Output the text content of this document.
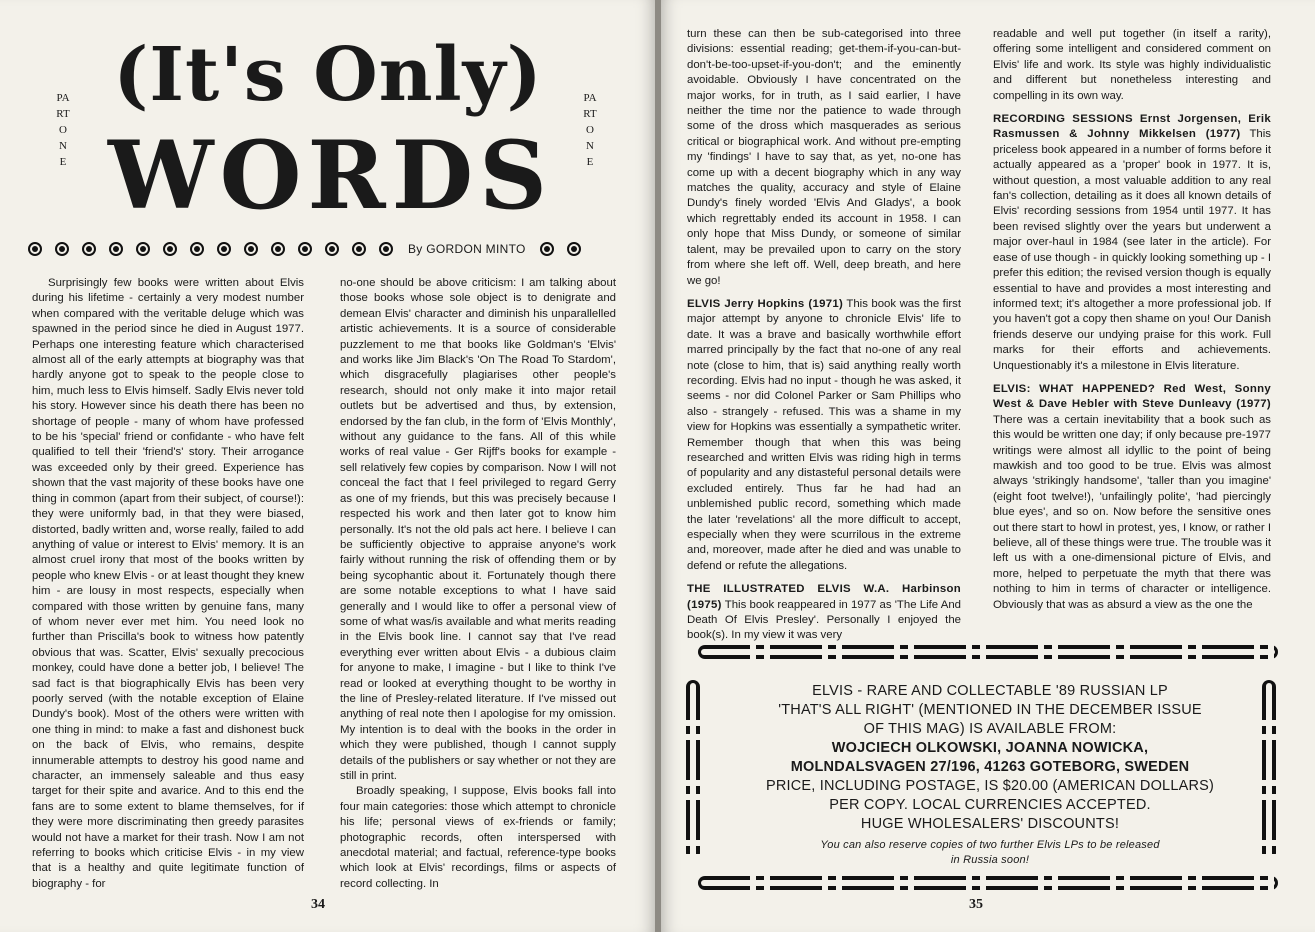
PART ONE
PART ONE
(It's Only)
WORDS
By GORDON MINTO

Surprisingly few books were written about Elvis during his lifetime - certainly a very modest number when compared with the veritable deluge which was spawned in the period since he died in August 1977. Perhaps one interesting feature which characterised almost all of the early attempts at biography was that hardly anyone got to speak to the people close to him, much less to Elvis himself. Sadly Elvis never told his story. However since his death there has been no shortage of people - many of whom have professed to be his 'special' friend or confidante - who have felt qualified to tell their 'friend's' story. Their arrogance was exceeded only by their greed. Experience has shown that the vast majority of these books have one thing in common (apart from their subject, of course!): they were uniformly bad, in that they were biased, distorted, badly written and, worse really, failed to add anything of value or interest to Elvis' memory. It is an almost cruel irony that most of the books written by people who knew Elvis - or at least thought they knew him - are lousy in most respects, especially when compared with those written by genuine fans, many of whom never ever met him. You need look no further than Priscilla's book to witness how patently obvious that was. Scatter, Elvis' sexually precocious monkey, could have done a better job, I believe! The sad fact is that biographically Elvis has been very poorly served (with the notable exception of Elaine Dundy's book). Most of the others were written with one thing in mind: to make a fast and dishonest buck on the back of Elvis, who remains, despite innumerable attempts to destroy his good name and character, an immensely saleable and thus easy target for their spite and avarice. And to this end the fans are to some extent to blame themselves, for if they were more discriminating then greedy parasites would not have a market for their trash. Now I am not referring to books which criticise Elvis - in my view that is a healthy and quite legitimate function of biography - for

no-one should be above criticism: I am talking about those books whose sole object is to denigrate and demean Elvis' character and diminish his unparallelled artistic achievements. It is a source of considerable puzzlement to me that books like Goldman's 'Elvis' and works like Jim Black's 'On The Road To Stardom', which disgracefully plagiarises other people's research, should not only make it into major retail outlets but be advertised and thus, by extension, endorsed by the fan club, in the form of 'Elvis Monthly', without any guidance to the fans. All of this while works of real value - Ger Rijff's books for example - sell relatively few copies by comparison. Now I will not conceal the fact that I feel privileged to regard Gerry as one of my friends, but this was precisely because I respected his work and then later got to know him personally. It's not the old pals act here. I believe I can be sufficiently objective to appraise anyone's work fairly without running the risk of offending them or by being sycophantic about it. Fortunately though there are some notable exceptions to what I have said generally and I would like to offer a personal view of some of what was/is available and what merits reading in the Elvis book line. I cannot say that I've read everything ever written about Elvis - a dubious claim for anyone to make, I imagine - but I like to think I've read or looked at everything thought to be worthy in the line of Presley-related literature. If I've missed out anything of real note then I apologise for my omission. My intention is to deal with the books in the order in which they were published, though I cannot supply details of the publishers or say whether or not they are still in print.

Broadly speaking, I suppose, Elvis books fall into four main categories: those which attempt to chronicle his life; personal views of ex-friends or family; photographic records, often interspersed with anecdotal material; and factual, reference-type books which look at Elvis' recordings, films or aspects of record collecting. In

34

turn these can then be sub-categorised into three divisions: essential reading; get-them-if-you-can-but-don't-be-too-upset-if-you-don't; and the eminently avoidable. Obviously I have concentrated on the major works, for in truth, as I said earlier, I have neither the time nor the patience to wade through some of the dross which masquerades as serious critical or biographical work. And without pre-empting my 'findings' I have to say that, as yet, no-one has come up with a decent biography which in any way matches the quality, accuracy and style of Elaine Dundy's finely worded 'Elvis And Gladys', a book which regrettably ended its account in 1958. I can only hope that Miss Dundy, or someone of similar talent, may be prevailed upon to carry on the story from where she left off. Well, deep breath, and here we go!

ELVIS Jerry Hopkins (1971) This book was the first major attempt by anyone to chronicle Elvis' life to date. It was a brave and basically worthwhile effort marred principally by the fact that no-one of any real note (close to him, that is) said anything really worth recording. Elvis had no input - though he was asked, it seems - nor did Colonel Parker or Sam Phillips who also - strangely - refused. This was a shame in my view for Hopkins was essentially a sympathetic writer. Remember though that when this was being researched and written Elvis was riding high in terms of popularity and any distasteful personal details were excluded entirely. Thus far he had had an unblemished public record, something which made the later 'revelations' all the more difficult to accept, especially when they were scurrilous in the extreme and, moreover, made after he died and was unable to defend or refute the allegations.

THE ILLUSTRATED ELVIS W.A. Harbinson (1975) This book reappeared in 1977 as 'The Life And Death Of Elvis Presley'. Personally I enjoyed the book(s). In my view it was very

readable and well put together (in itself a rarity), offering some intelligent and considered comment on Elvis' life and work. Its style was highly individualistic and different but nonetheless interesting and compelling in its own way.

RECORDING SESSIONS Ernst Jorgensen, Erik Rasmussen & Johnny Mikkelsen (1977) This priceless book appeared in a number of forms before it actually appeared as a 'proper' book in 1977. It is, without question, a most valuable addition to any real fan's collection, detailing as it does all known details of Elvis' recording sessions from 1954 until 1977. It has been revised slightly over the years but underwent a major over-haul in 1984 (see later in the article). For ease of use though - in quickly looking something up - I prefer this edition; the revised version though is equally essential to have and provides a most interesting and informed text; it's altogether a more professional job. If you haven't got a copy then shame on you! Our Danish friends deserve our undying praise for this work. Full marks for their efforts and achievements. Unquestionably it's a milestone in Elvis literature.

ELVIS: WHAT HAPPENED? Red West, Sonny West & Dave Hebler with Steve Dunleavy (1977) There was a certain inevitability that a book such as this would be written one day; if only because pre-1977 writings were almost all idyllic to the point of being mawkish and too good to be true. Elvis was almost always 'strikingly handsome', 'taller than you imagine' (eight foot twelve!), 'unfailingly polite', 'had piercingly blue eyes', and so on. Now before the sensitive ones out there start to howl in protest, yes, I know, or rather I believe, all of these things were true. The trouble was it left us with a one-dimensional picture of Elvis, and more, helped to perpetuate the myth that there was nothing to him in terms of character or intelligence. Obviously that was as absurd a view as the one the

35
ELVIS - RARE AND COLLECTABLE '89 RUSSIAN LP
'THAT'S ALL RIGHT' (MENTIONED IN THE DECEMBER ISSUE
OF THIS MAG) IS AVAILABLE FROM:
WOJCIECH OLKOWSKI, JOANNA NOWICKA,
MOLNDALSVAGEN 27/196, 41263 GOTEBORG, SWEDEN
PRICE, INCLUDING POSTAGE, IS $20.00 (AMERICAN DOLLARS)
PER COPY. LOCAL CURRENCIES ACCEPTED.
HUGE WHOLESALERS' DISCOUNTS!
You can also reserve copies of two further Elvis LPs to be released
in Russia soon!
